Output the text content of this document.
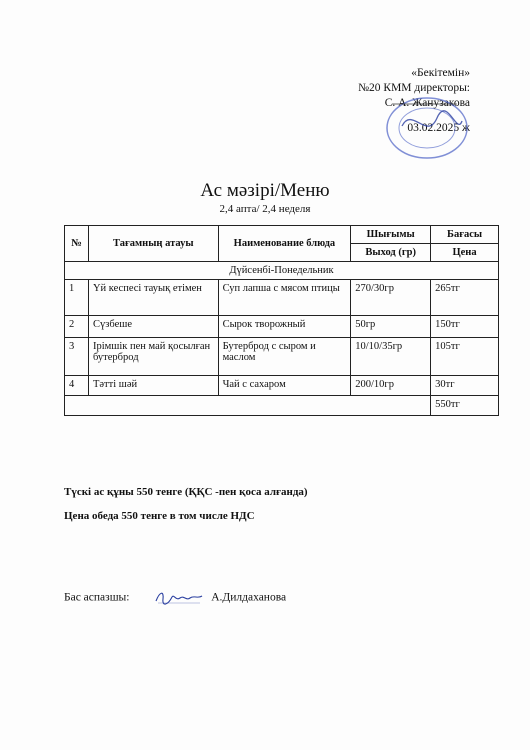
«Бекітемін»
№20 КММ директоры:
С. А. Жанузакова
03.02.2025 ж
Ас мәзірі/Меню
2,4 апта/ 2,4 неделя
№	Тағамның атауы	Наименование блюда	Шығымы	Бағасы
			Выход (гр)	Цена
Дүйсенбі-Понедельник				
1	Үй кеспесі тауық етімен	Суп лапша с мясом птицы	270/30гр	265тг
2	Сүзбеше	Сырок творожный	50гр	150тг
3	Ірімшік пен май қосылған бутерброд	Бутерброд с сыром и маслом	10/10/35гр	105тг
4	Тәтті шәй	Чай с сахаром	200/10гр	30тг
				550тг
Түскі ас құны 550 тенге (ҚҚС -пен қоса алғанда)
Цена обеда 550 тенге в том числе НДС
Бас аспазшы:	А.Дилдаханова
